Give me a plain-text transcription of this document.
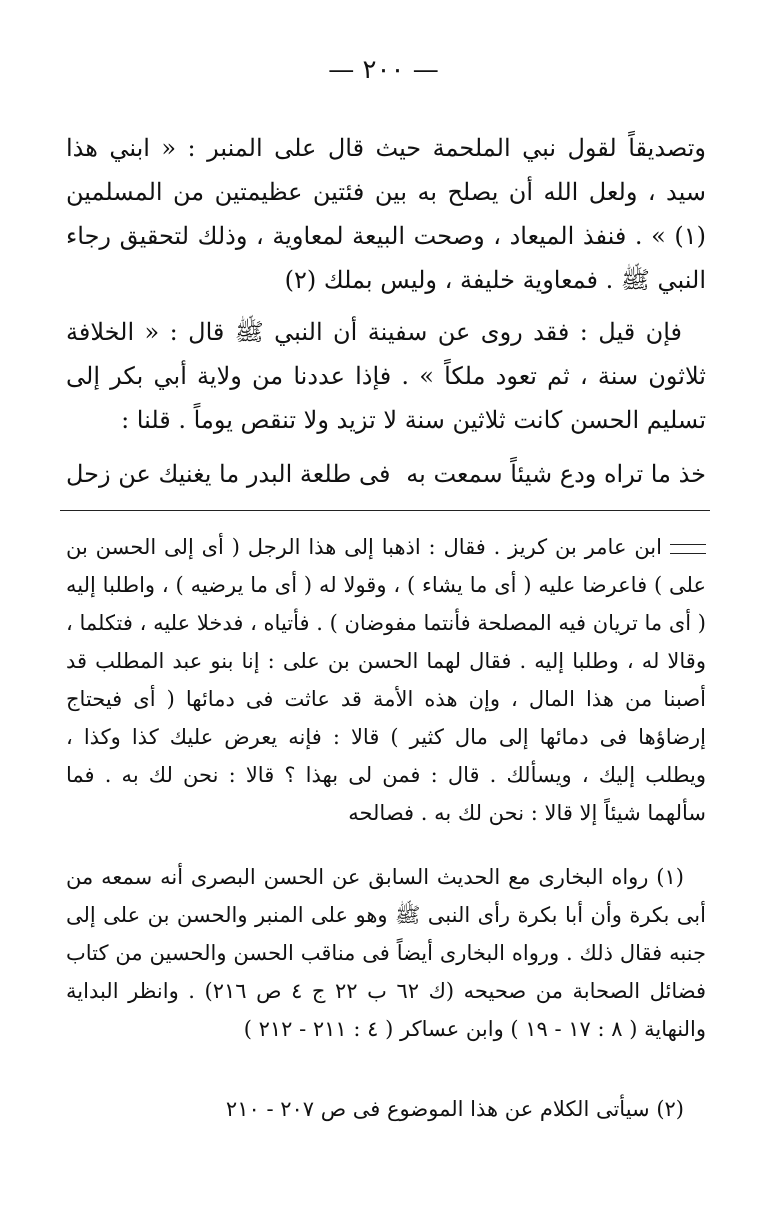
— ٢٠٠ —
وتصديقاً لقول نبي الملحمة حيث قال على المنبر : « ابني هذا سيد ، ولعل الله أن يصلح به بين فئتين عظيمتين من المسلمين (١) » . فنفذ الميعاد ، وصحت البيعة لمعاوية ، وذلك لتحقيق رجاء النبي ﷺ . فمعاوية خليفة ، وليس بملك (٢)
فإن قيل : فقد روى عن سفينة أن النبي ﷺ قال : « الخلافة ثلاثون سنة ، ثم تعود ملكاً » . فإذا عددنا من ولاية أبي بكر إلى تسليم الحسن كانت ثلاثين سنة لا تزيد ولا تنقص يوماً . قلنا :
خذ ما تراه ودع شيئاً سمعت به
فى طلعة البدر ما يغنيك عن زحل
ابن عامر بن كريز . فقال : اذهبا إلى هذا الرجل ( أى إلى الحسن بن على ) فاعرضا عليه ( أى ما يشاء ) ، وقولا له ( أى ما يرضيه ) ، واطلبا إليه ( أى ما تريان فيه المصلحة فأنتما مفوضان ) . فأتياه ، فدخلا عليه ، فتكلما ، وقالا له ، وطلبا إليه . فقال لهما الحسن بن على : إنا بنو عبد المطلب قد أصبنا من هذا المال ، وإن هذه الأمة قد عاثت فى دمائها ( أى فيحتاج إرضاؤها فى دمائها إلى مال كثير ) قالا : فإنه يعرض عليك كذا وكذا ، ويطلب إليك ، ويسألك . قال : فمن لى بهذا ؟ قالا : نحن لك به . فما سألهما شيئاً إلا قالا : نحن لك به . فصالحه
(١) رواه البخارى مع الحديث السابق عن الحسن البصرى أنه سمعه من أبى بكرة وأن أبا بكرة رأى النبى ﷺ وهو على المنبر والحسن بن على إلى جنبه فقال ذلك . ورواه البخارى أيضاً فى مناقب الحسن والحسين من كتاب فضائل الصحابة من صحيحه (ك ٦٢ ب ٢٢ ج ٤ ص ٢١٦) . وانظر البداية والنهاية ( ٨ : ١٧ - ١٩ ) وابن عساكر ( ٤ : ٢١١ - ٢١٢ )
(٢) سيأتى الكلام عن هذا الموضوع فى ص ٢٠٧ - ٢١٠
